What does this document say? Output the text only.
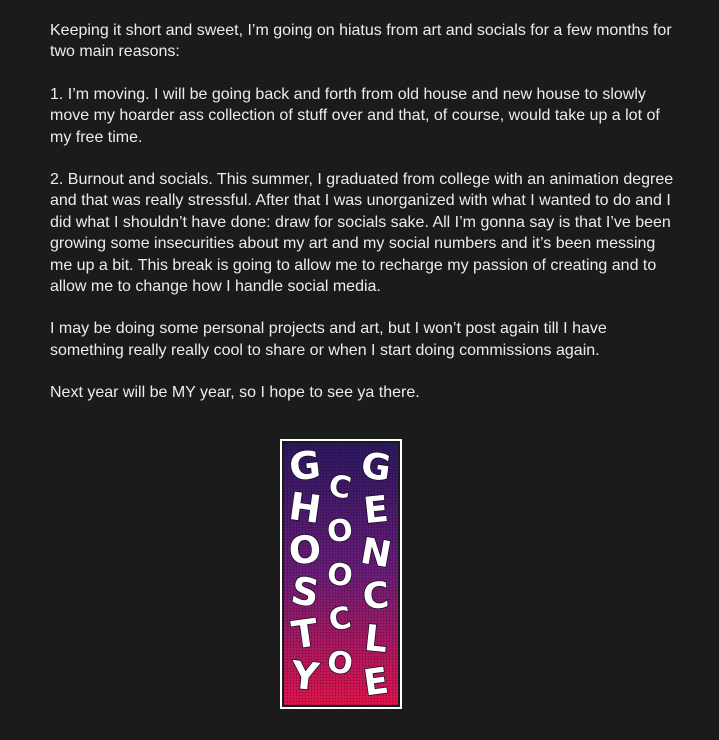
Keeping it short and sweet, I’m going on hiatus from art and socials for a few months for two main reasons:

1. I’m moving. I will be going back and forth from old house and new house to slowly move my hoarder ass collection of stuff over and that, of course, would take up a lot of my free time.

2. Burnout and socials. This summer, I graduated from college with an animation degree and that was really stressful. After that I was unorganized with what I wanted to do and I did what I shouldn’t have done: draw for socials sake. All I’m gonna say is that I’ve been growing some insecurities about my art and my social numbers and it’s been messing me up a bit. This break is going to allow me to recharge my passion of creating and to allow me to change how I handle social media.

I may be doing some personal projects and art, but I won’t post again till I have something really really cool to share or when I start doing commissions again.

Next year will be MY year, so I hope to see ya there.

G
H
O
S
T
Y
C
O
O
C
O
G
E
N
C
L
E
